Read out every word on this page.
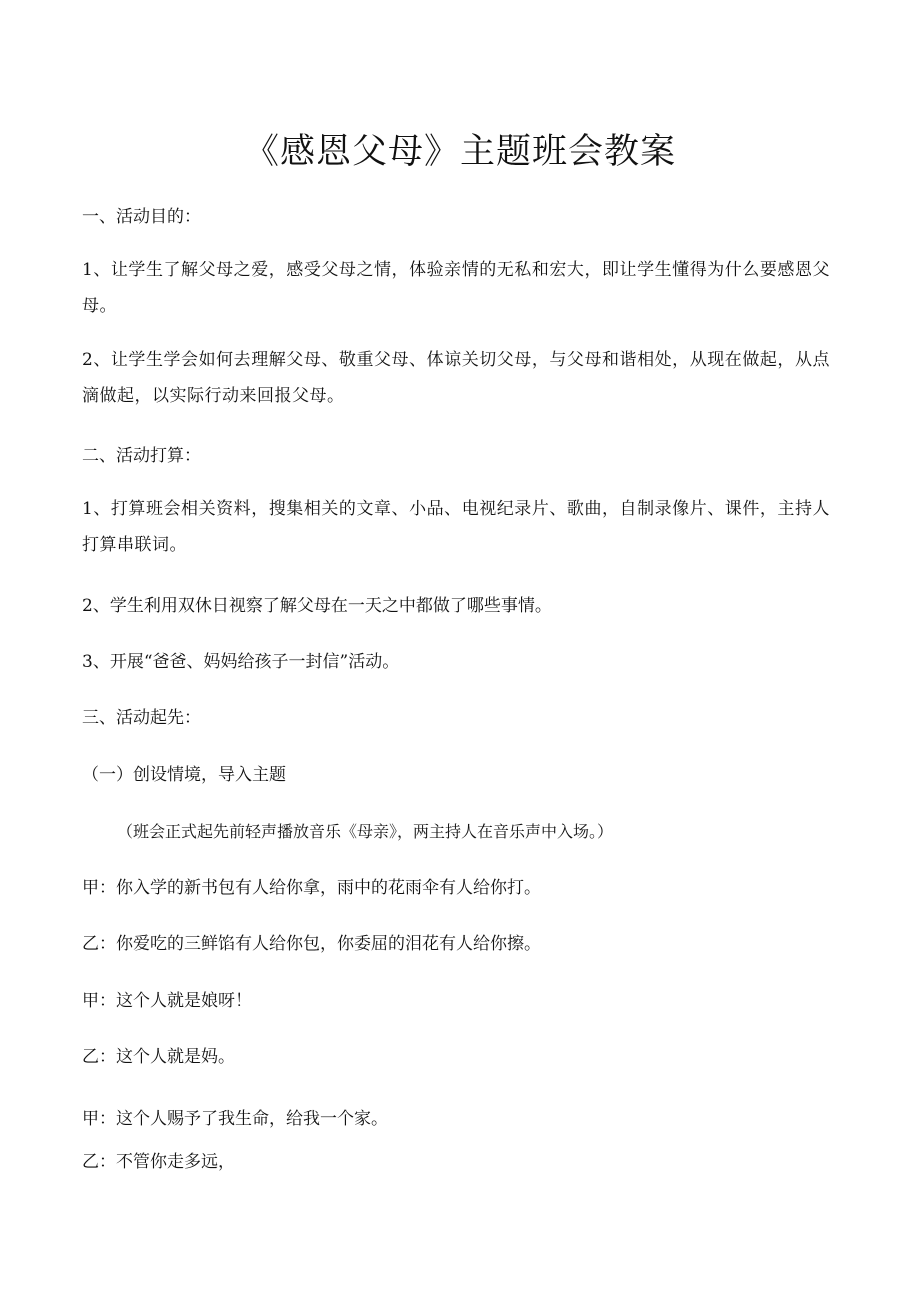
《感恩父母》主题班会教案
一、活动目的：
1、让学生了解父母之爱，感受父母之情，体验亲情的无私和宏大，即让学生懂得为什么要感恩父母。
2、让学生学会如何去理解父母、敬重父母、体谅关切父母，与父母和谐相处，从现在做起，从点滴做起，以实际行动来回报父母。
二、活动打算：
1、打算班会相关资料，搜集相关的文章、小品、电视纪录片、歌曲，自制录像片、课件，主持人打算串联词。
2、学生利用双休日视察了解父母在一天之中都做了哪些事情。
3、开展“爸爸、妈妈给孩子一封信”活动。
三、活动起先：
（一）创设情境，导入主题
（班会正式起先前轻声播放音乐《母亲》，两主持人在音乐声中入场。）
甲：你入学的新书包有人给你拿，雨中的花雨伞有人给你打。
乙：你爱吃的三鲜馅有人给你包，你委屈的泪花有人给你擦。
甲：这个人就是娘呀！
乙：这个人就是妈。
甲：这个人赐予了我生命，给我一个家。
乙：不管你走多远，
